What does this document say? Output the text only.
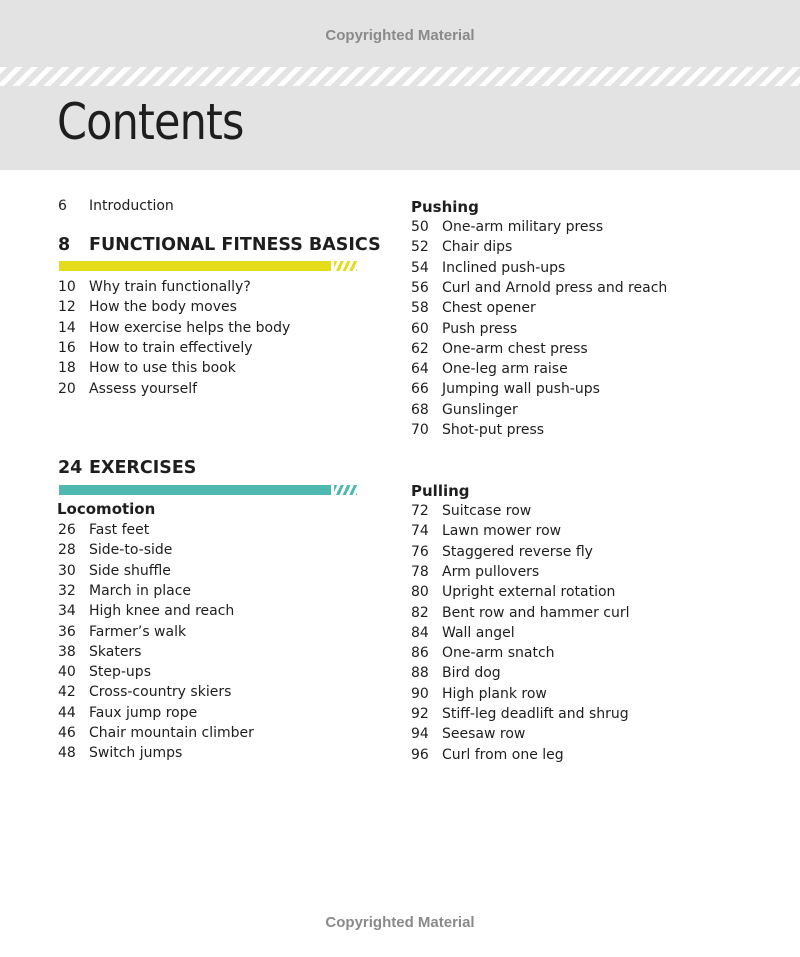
Copyrighted Material
Contents
6	Introduction
8 FUNCTIONAL FITNESS BASICS
10 Why train functionally?
12 How the body moves
14 How exercise helps the body
16 How to train effectively
18 How to use this book
20 Assess yourself
24 EXERCISES
Locomotion
26 Fast feet
28 Side-to-side
30 Side shuffle
32 March in place
34 High knee and reach
36 Farmer’s walk
38 Skaters
40 Step-ups
42 Cross-country skiers
44 Faux jump rope
46 Chair mountain climber
48 Switch jumps
Pushing
50 One-arm military press
52 Chair dips
54 Inclined push-ups
56 Curl and Arnold press and reach
58 Chest opener
60 Push press
62 One-arm chest press
64 One-leg arm raise
66 Jumping wall push-ups
68 Gunslinger
70 Shot-put press
Pulling
72 Suitcase row
74 Lawn mower row
76 Staggered reverse fly
78 Arm pullovers
80 Upright external rotation
82 Bent row and hammer curl
84 Wall angel
86 One-arm snatch
88 Bird dog
90 High plank row
92 Stiff-leg deadlift and shrug
94 Seesaw row
96 Curl from one leg
Copyrighted Material
